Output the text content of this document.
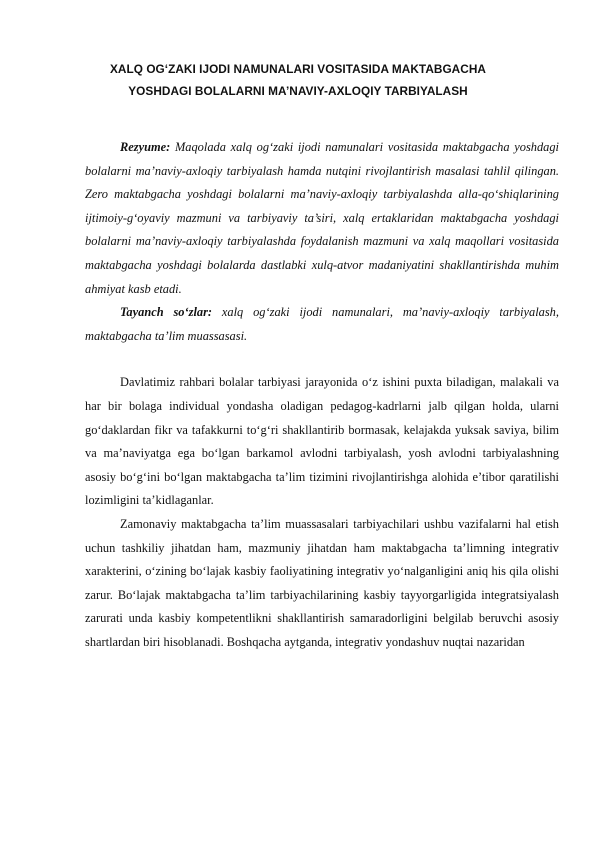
XALQ OG‘ZAKI IJODI NAMUNALARI VOSITASIDA MAKTABGACHA
YOSHDAGI BOLALARNI MA’NAVIY-AXLOQIY TARBIYALASH

Rezyume: Maqolada xalq og‘zaki ijodi namunalari vositasida maktabgacha yoshdagi bolalarni ma’naviy-axloqiy tarbiyalash hamda nutqini rivojlantirish masalasi tahlil qilingan. Zero maktabgacha yoshdagi bolalarni ma’naviy-axloqiy tarbiyalashda alla-qo‘shiqlarining ijtimoiy-g‘oyaviy mazmuni va tarbiyaviy ta’siri, xalq ertaklaridan maktabgacha yoshdagi bolalarni ma’naviy-axloqiy tarbiyalashda foydalanish mazmuni va xalq maqollari vositasida maktabgacha yoshdagi bolalarda dastlabki xulq-atvor madaniyatini shakllantirishda muhim ahmiyat kasb etadi.

Tayanch so‘zlar: xalq og‘zaki ijodi namunalari, ma’naviy-axloqiy tarbiyalash, maktabgacha ta’lim muassasasi.

Davlatimiz rahbari bolalar tarbiyasi jarayonida o‘z ishini puxta biladigan, malakali va har bir bolaga individual yondasha oladigan pedagog-kadrlarni jalb qilgan holda, ularni go‘daklardan fikr va tafakkurni to‘g‘ri shakllantirib bormasak, kelajakda yuksak saviya, bilim va ma’naviyatga ega bo‘lgan barkamol avlodni tarbiyalash, yosh avlodni tarbiyalashning asosiy bo‘g‘ini bo‘lgan maktabgacha ta’lim tizimini rivojlantirishga alohida e’tibor qaratilishi lozimligini ta’kidlaganlar.

Zamonaviy maktabgacha ta’lim muassasalari tarbiyachilari ushbu vazifalarni hal etish uchun tashkiliy jihatdan ham, mazmuniy jihatdan ham maktabgacha ta’limning integrativ xarakterini, o‘zining bo‘lajak kasbiy faoliyatining integrativ yo‘nalganligini aniq his qila olishi zarur. Bo‘lajak maktabgacha ta’lim tarbiyachilarining kasbiy tayyorgarligida integratsiyalash zarurati unda kasbiy kompetentlikni shakllantirish samaradorligini belgilab beruvchi asosiy shartlardan biri hisoblanadi. Boshqacha aytganda, integrativ yondashuv nuqtai nazaridan
